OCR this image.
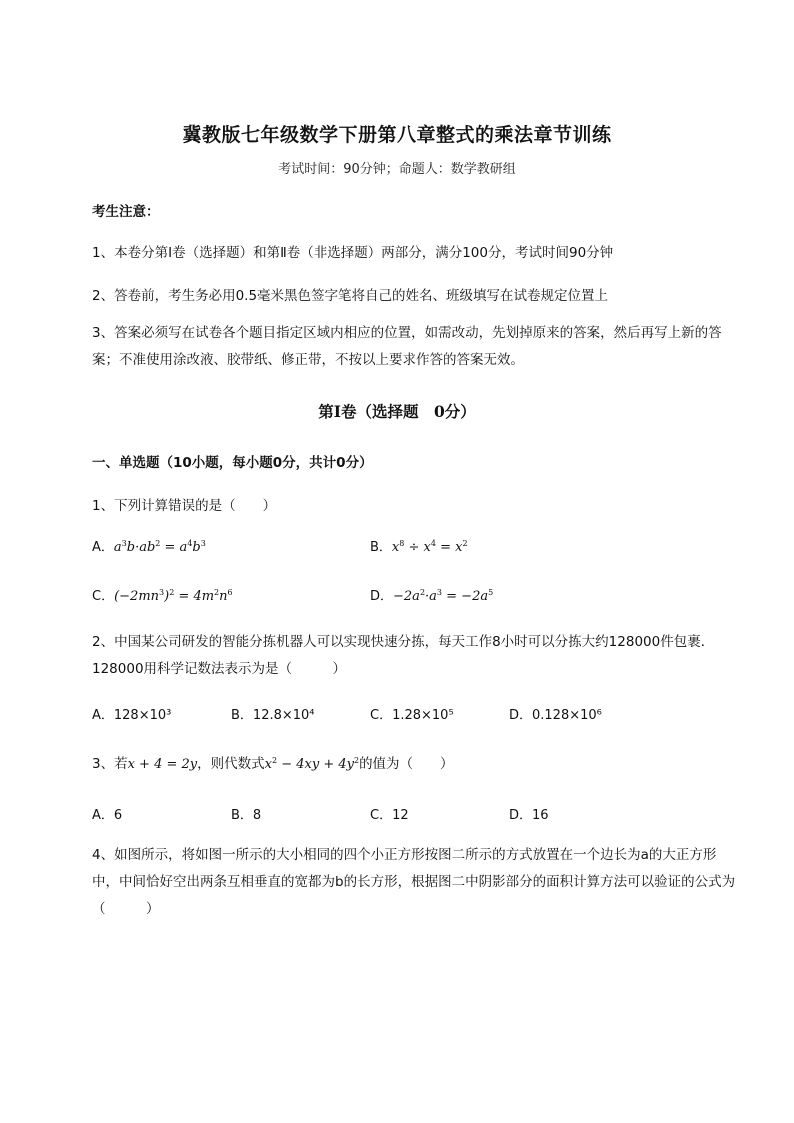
冀教版七年级数学下册第八章整式的乘法章节训练
考试时间：90分钟；命题人：数学教研组
考生注意：
1、本卷分第I卷（选择题）和第Ⅱ卷（非选择题）两部分，满分100分，考试时间90分钟
2、答卷前，考生务必用0.5毫米黑色签字笔将自己的姓名、班级填写在试卷规定位置上
3、答案必须写在试卷各个题目指定区域内相应的位置，如需改动，先划掉原来的答案，然后再写上新的答案；不准使用涂改液、胶带纸、修正带，不按以上要求作答的答案无效。
第I卷（选择题　0分）
一、单选题（10小题，每小题0分，共计0分）
1、下列计算错误的是（　　）
A．$a^3b\cdot ab^2 = a^4b^3$	B．$x^8 \div x^4 = x^2$
C．$(-2mn^3)^2 = 4m^2n^6$	D．$-2a^2\cdot a^3 = -2a^5$
2、中国某公司研发的智能分拣机器人可以实现快速分拣，每天工作8小时可以分拣大约128000件包裹．128000用科学记数法表示为是（　　　）
A．128×10³	B．12.8×10⁴	C．1.28×10⁵	D．0.128×10⁶
3、若x + 4 = 2y，则代数式$x^2 - 4xy + 4y^2$的值为（　　）
A．6	B．8	C．12	D．16
4、如图所示，将如图一所示的大小相同的四个小正方形按图二所示的方式放置在一个边长为a的大正方形中，中间恰好空出两条互相垂直的宽都为b的长方形，根据图二中阴影部分的面积计算方法可以验证的公式为（　　　）
